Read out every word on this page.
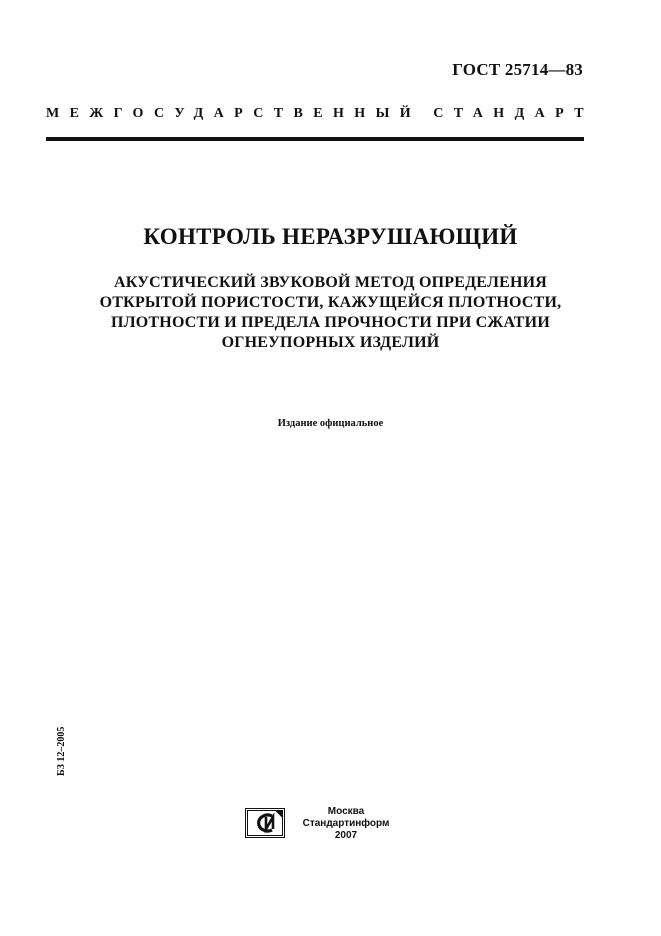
ГОСТ 25714—83
МЕЖГОСУДАРСТВЕННЫЙ СТАНДАРТ
КОНТРОЛЬ НЕРАЗРУШАЮЩИЙ
АКУСТИЧЕСКИЙ ЗВУКОВОЙ МЕТОД ОПРЕДЕЛЕНИЯ
ОТКРЫТОЙ ПОРИСТОСТИ, КАЖУЩЕЙСЯ ПЛОТНОСТИ,
ПЛОТНОСТИ И ПРЕДЕЛА ПРОЧНОСТИ ПРИ СЖАТИИ
ОГНЕУПОРНЫХ ИЗДЕЛИЙ
Издание официальное
БЗ 12–2005
Москва
Стандартинформ
2007
